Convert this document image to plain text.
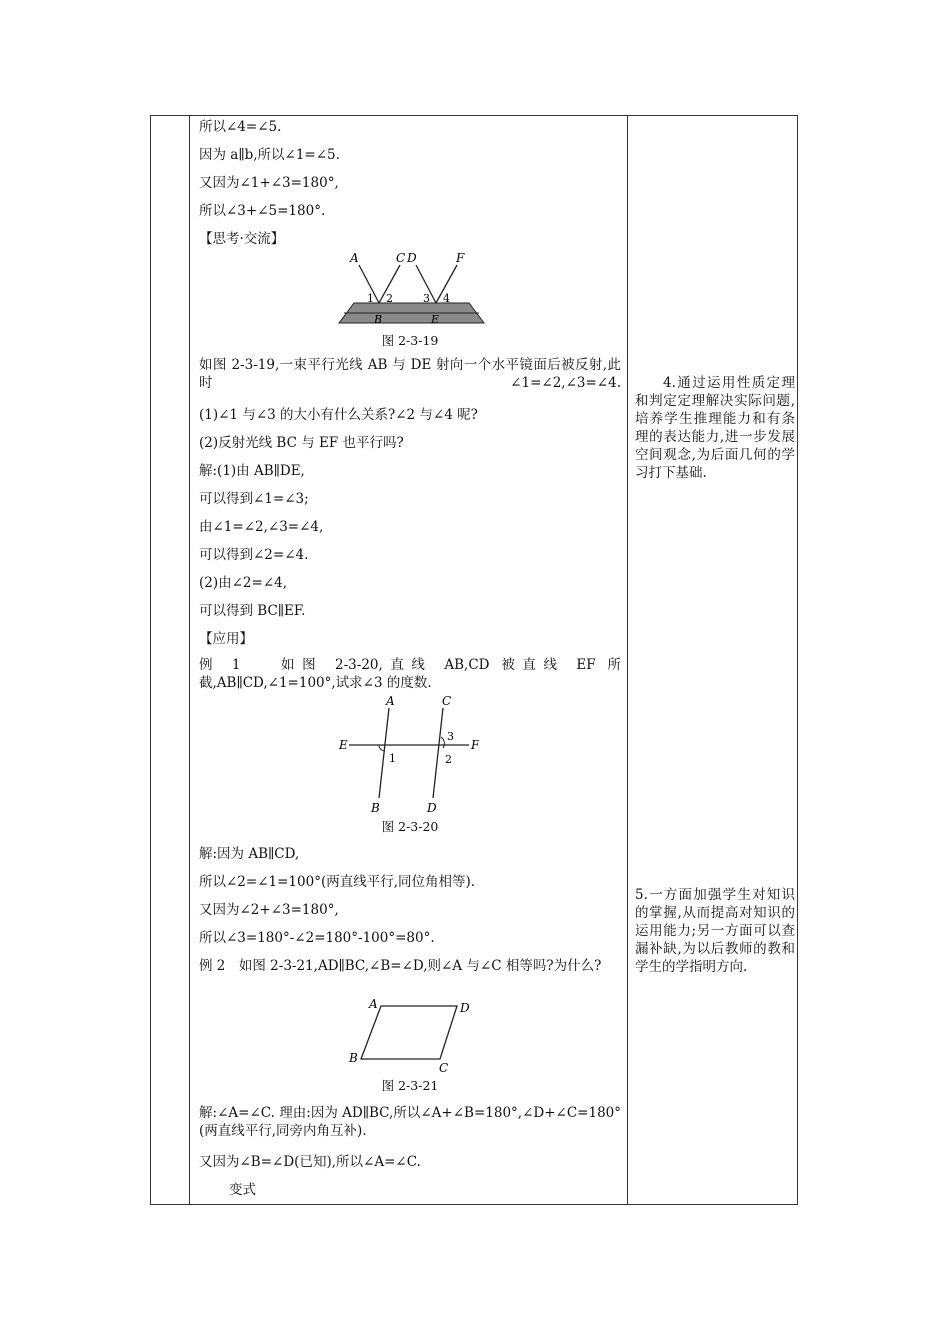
所以∠4=∠5.

因为 a∥b,所以∠1=∠5.

又因为∠1+∠3=180°,

所以∠3+∠5=180°.

【思考·交流】

A	C D	F
1 2	3 4
B	E
图 2-3-19

如图 2-3-19,一束平行光线 AB 与 DE 射向一个水平镜面后被反射,此时∠1=∠2,∠3=∠4.

(1)∠1 与∠3 的大小有什么关系?∠2 与∠4 呢?

(2)反射光线 BC 与 EF 也平行吗?

解:(1)由 AB∥DE,

可以得到∠1=∠3;

由∠1=∠2,∠3=∠4,

可以得到∠2=∠4.

(2)由∠2=∠4,

可以得到 BC∥EF.

【应用】

例 1　 如图 2-3-20,直线 AB,CD 被直线 EF 所截,AB∥CD,∠1=100°,试求∠3 的度数.

A	C
E	F
1
3
2
B	D
图 2-3-20

解:因为 AB∥CD,

所以∠2=∠1=100°(两直线平行,同位角相等).

又因为∠2+∠3=180°,

所以∠3=180°-∠2=180°-100°=80°.

例 2　如图 2-3-21,AD∥BC,∠B=∠D,则∠A 与∠C 相等吗?为什么?

A	D
B
C
图 2-3-21

解:∠A=∠C. 理由:因为 AD∥BC,所以∠A+∠B=180°,∠D+∠C=180°(两直线平行,同旁内角互补).

又因为∠B=∠D(已知),所以∠A=∠C.

变式

4.通过运用性质定理和判定定理解决实际问题,培养学生推理能力和有条理的表达能力,进一步发展空间观念,为后面几何的学习打下基础.

5.一方面加强学生对知识的掌握,从而提高对知识的运用能力;另一方面可以查漏补缺,为以后教师的教和学生的学指明方向.
